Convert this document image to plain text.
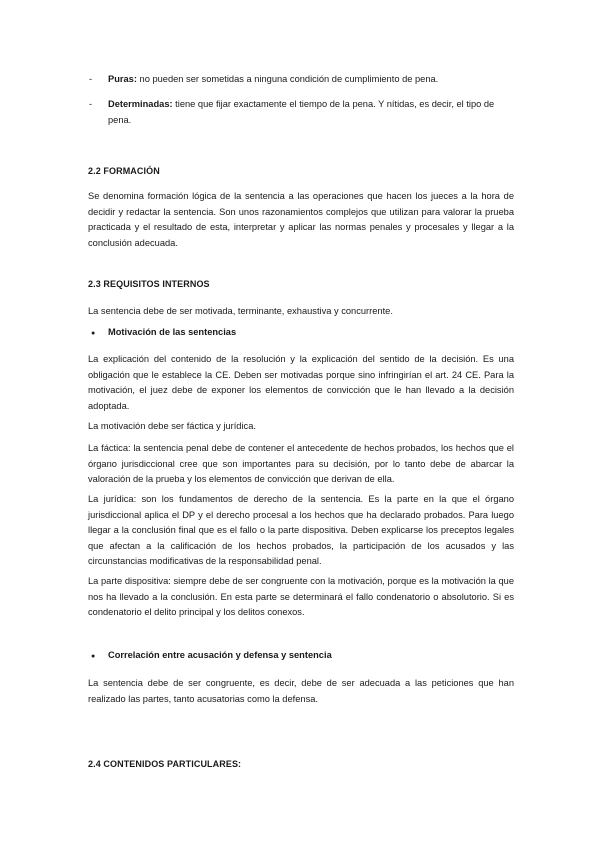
- Puras: no pueden ser sometidas a ninguna condición de cumplimiento de pena.

- Determinadas: tiene que fijar exactamente el tiempo de la pena. Y nítidas, es decir, el tipo de pena.

2.2 FORMACIÓN

Se denomina formación lógica de la sentencia a las operaciones que hacen los jueces a la hora de decidir y redactar la sentencia. Son unos razonamientos complejos que utilizan para valorar la prueba practicada y el resultado de esta, interpretar y aplicar las normas penales y procesales y llegar a la conclusión adecuada.

2.3 REQUISITOS INTERNOS

La sentencia debe de ser motivada, terminante, exhaustiva y concurrente.

● Motivación de las sentencias

La explicación del contenido de la resolución y la explicación del sentido de la decisión. Es una obligación que le establece la CE. Deben ser motivadas porque sino infringirían el art. 24 CE. Para la motivación, el juez debe de exponer los elementos de convicción que le han llevado a la decisión adoptada.

La motivación debe ser fáctica y jurídica.

La fáctica: la sentencia penal debe de contener el antecedente de hechos probados, los hechos que el órgano jurisdiccional cree que son importantes para su decisión, por lo tanto debe de abarcar la valoración de la prueba y los elementos de convicción que derivan de ella.

La jurídica: son los fundamentos de derecho de la sentencia. Es la parte en la que el órgano jurisdiccional aplica el DP y el derecho procesal a los hechos que ha declarado probados. Para luego llegar a la conclusión final que es el fallo o la parte dispositiva. Deben explicarse los preceptos legales que afectan a la calificación de los hechos probados, la participación de los acusados y las circunstancias modificativas de la responsabilidad penal.

La parte dispositiva: siempre debe de ser congruente con la motivación, porque es la motivación la que nos ha llevado a la conclusión. En esta parte se determinará el fallo condenatorio o absolutorio. Si es condenatorio el delito principal y los delitos conexos.

● Correlación entre acusación y defensa y sentencia

La sentencia debe de ser congruente, es decir, debe de ser adecuada a las peticiones que han realizado las partes, tanto acusatorias como la defensa.

2.4 CONTENIDOS PARTICULARES:
